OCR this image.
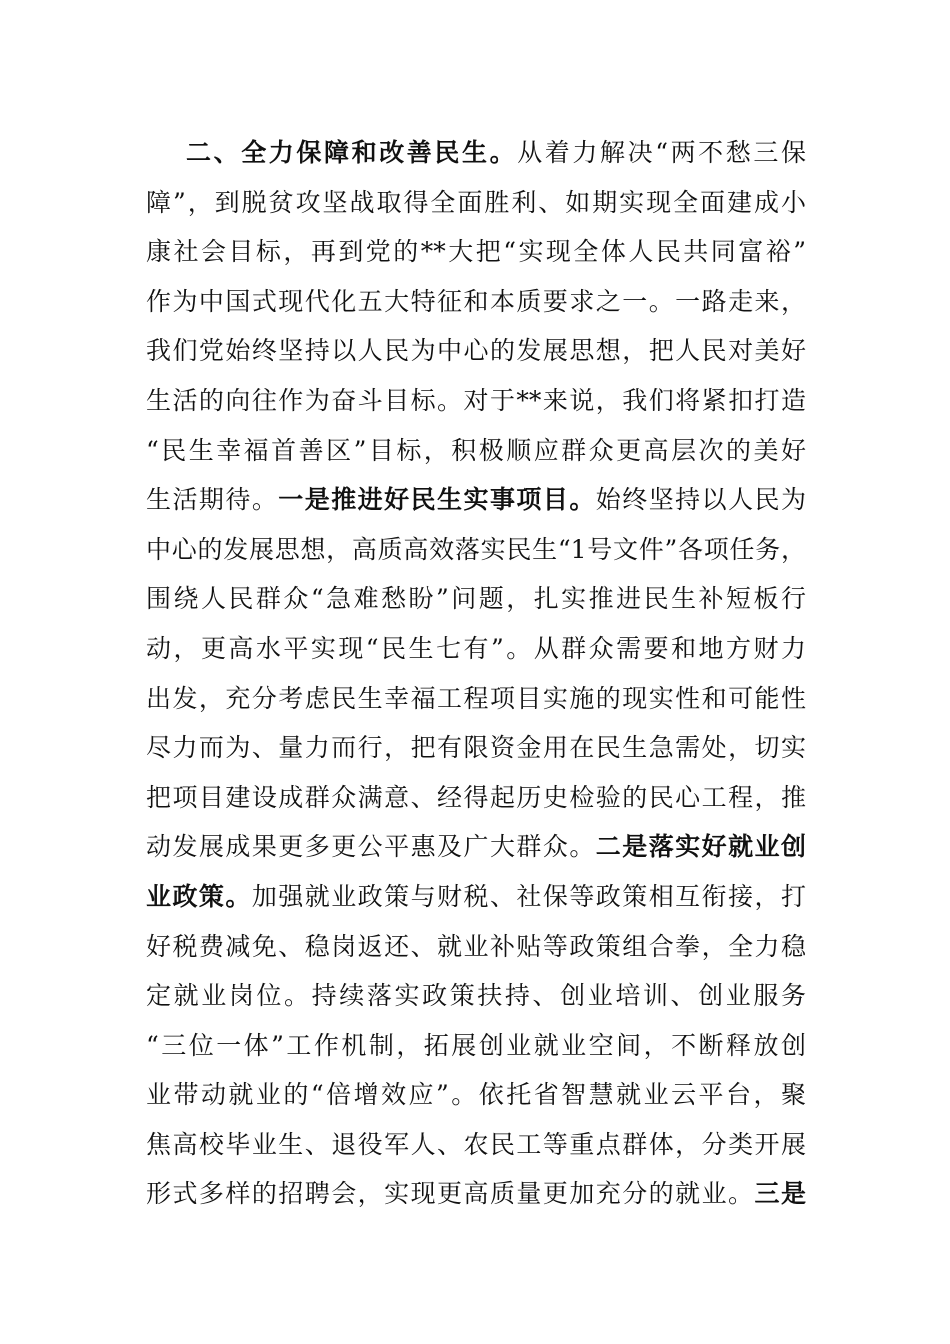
二、全力保障和改善民生。从着力解决“两不愁三保
障”，到脱贫攻坚战取得全面胜利、如期实现全面建成小
康社会目标，再到党的**大把“实现全体人民共同富裕”
作为中国式现代化五大特征和本质要求之一。一路走来，
我们党始终坚持以人民为中心的发展思想，把人民对美好
生活的向往作为奋斗目标。对于**来说，我们将紧扣打造
“民生幸福首善区”目标，积极顺应群众更高层次的美好
生活期待。一是推进好民生实事项目。始终坚持以人民为
中心的发展思想，高质高效落实民生“1号文件”各项任务，
围绕人民群众“急难愁盼”问题，扎实推进民生补短板行
动，更高水平实现“民生七有”。从群众需要和地方财力
出发，充分考虑民生幸福工程项目实施的现实性和可能性
尽力而为、量力而行，把有限资金用在民生急需处，切实
把项目建设成群众满意、经得起历史检验的民心工程，推
动发展成果更多更公平惠及广大群众。二是落实好就业创
业政策。加强就业政策与财税、社保等政策相互衔接，打
好税费减免、稳岗返还、就业补贴等政策组合拳，全力稳
定就业岗位。持续落实政策扶持、创业培训、创业服务
“三位一体”工作机制，拓展创业就业空间，不断释放创
业带动就业的“倍增效应”。依托省智慧就业云平台，聚
焦高校毕业生、退役军人、农民工等重点群体，分类开展
形式多样的招聘会，实现更高质量更加充分的就业。三是
